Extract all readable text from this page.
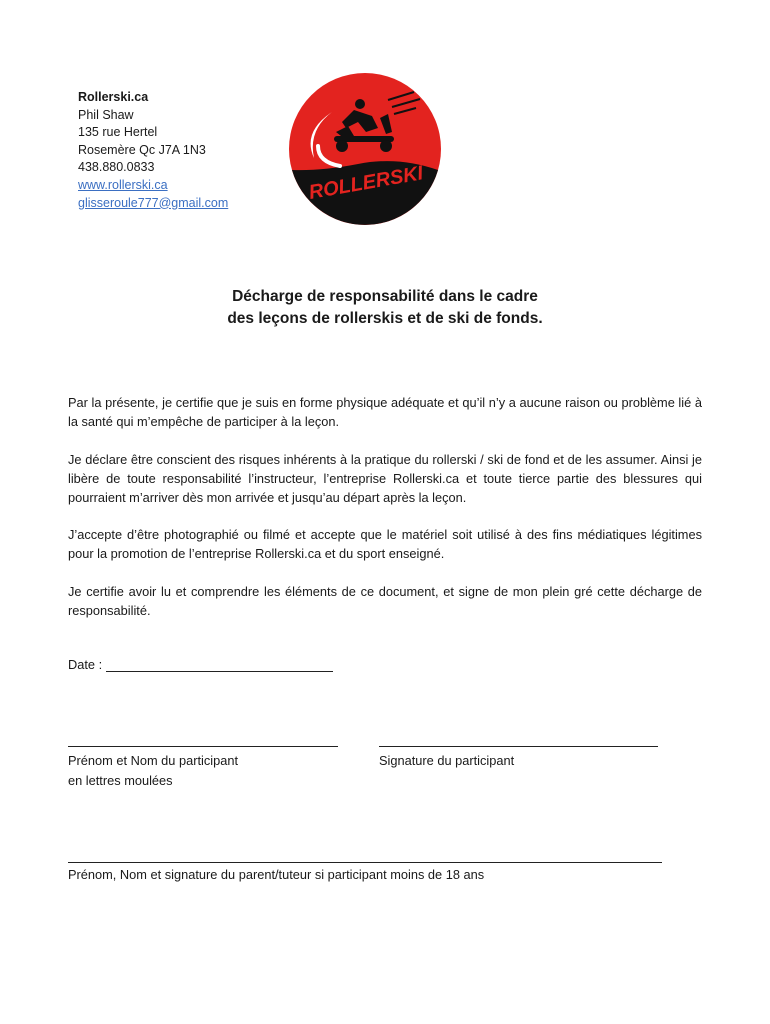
Rollerski.ca
Phil Shaw
135 rue Hertel
Rosemère Qc J7A 1N3
438.880.0833
www.rollerski.ca
glisseroule777@gmail.com	ROLLERSKI
Décharge de responsabilité dans le cadre
des leçons de rollerskis et de ski de fonds.
Par la présente, je certifie que je suis en forme physique adéquate et qu’il n’y a aucune raison ou problème lié à la santé qui m’empêche de participer à la leçon.
Je déclare être conscient des risques inhérents à la pratique du rollerski / ski de fond et de les assumer. Ainsi je libère de toute responsabilité l’instructeur, l’entreprise Rollerski.ca et toute tierce partie des blessures qui pourraient m’arriver dès mon arrivée et jusqu’au départ après la leçon.
J’accepte d’être photographié ou filmé et accepte que le matériel soit utilisé à des fins médiatiques légitimes pour la promotion de l’entreprise Rollerski.ca et du sport enseigné.
Je certifie avoir lu et comprendre les éléments de ce document, et signe de mon plein gré cette décharge de responsabilité.
Date :
Prénom et Nom du participant
en lettres moulées
Signature du participant
Prénom, Nom et signature du parent/tuteur si participant moins de 18 ans
